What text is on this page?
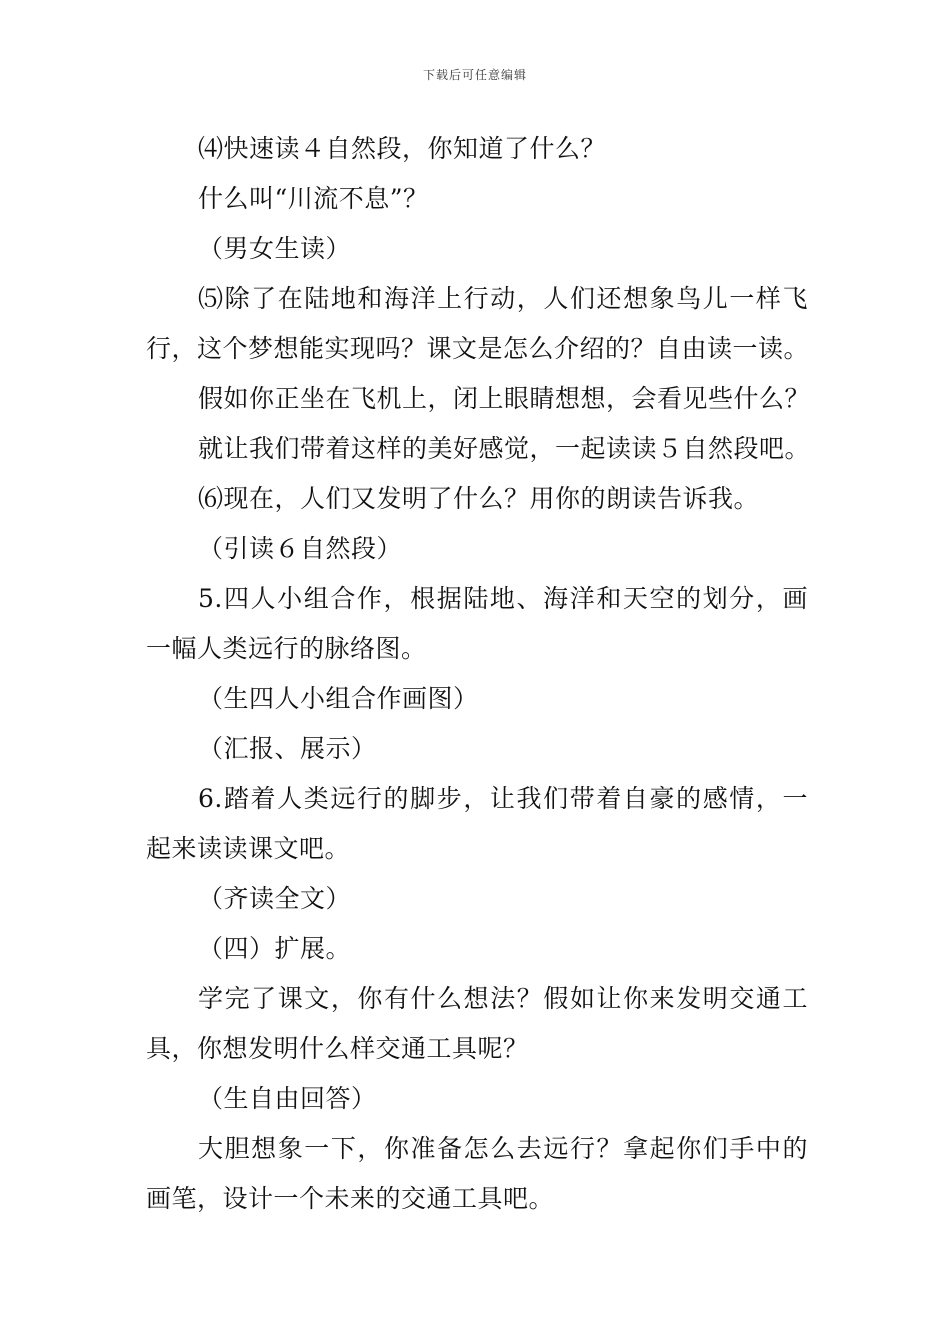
下载后可任意编辑
⑷快速读４自然段，你知道了什么？
什么叫“川流不息”？
（男女生读）
⑸除了在陆地和海洋上行动，人们还想象鸟儿一样飞
行，这个梦想能实现吗？课文是怎么介绍的？自由读一读。
假如你正坐在飞机上，闭上眼睛想想，会看见些什么？
就让我们带着这样的美好感觉，一起读读５自然段吧。
⑹现在，人们又发明了什么？用你的朗读告诉我。
（引读６自然段）
5.四人小组合作，根据陆地、海洋和天空的划分，画
一幅人类远行的脉络图。
（生四人小组合作画图）
（汇报、展示）
6.踏着人类远行的脚步，让我们带着自豪的感情，一
起来读读课文吧。
（齐读全文）
（四）扩展。
学完了课文，你有什么想法？假如让你来发明交通工
具，你想发明什么样交通工具呢？
（生自由回答）
大胆想象一下，你准备怎么去远行？拿起你们手中的
画笔，设计一个未来的交通工具吧。
